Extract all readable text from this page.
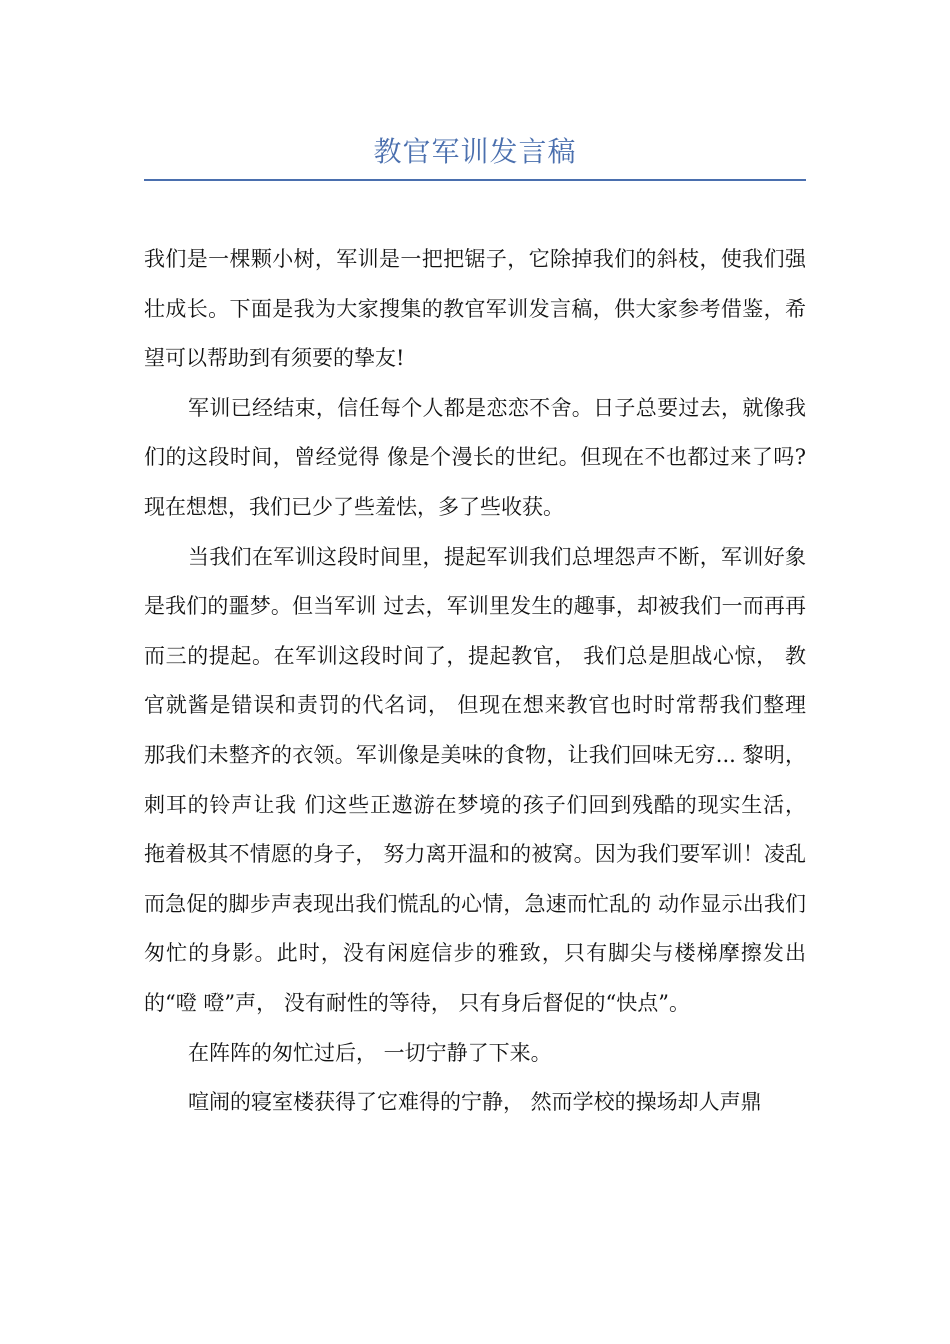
教官军训发言稿

我们是一棵颗小树，军训是一把把锯子，它除掉我们的斜枝，使我们强壮成长。下面是我为大家搜集的教官军训发言稿，供大家参考借鉴，希望可以帮助到有须要的挚友!

军训已经结束，信任每个人都是恋恋不舍。日子总要过去，就像我们的这段时间，曾经觉得 像是个漫长的世纪。但现在不也都过来了吗?现在想想，我们已少了些羞怯，多了些收获。

当我们在军训这段时间里，提起军训我们总埋怨声不断，军训好象是我们的噩梦。但当军训 过去，军训里发生的趣事，却被我们一而再再而三的提起。在军训这段时间了，提起教官， 我们总是胆战心惊， 教官就酱是错误和责罚的代名词， 但现在想来教官也时时常帮我们整理 那我们未整齐的衣领。军训像是美味的食物，让我们回味无穷... 黎明，刺耳的铃声让我 们这些正遨游在梦境的孩子们回到残酷的现实生活， 拖着极其不情愿的身子， 努力离开温和的被窝。因为我们要军训！凌乱而急促的脚步声表现出我们慌乱的心情，急速而忙乱的 动作显示出我们匆忙的身影。此时，没有闲庭信步的雅致，只有脚尖与楼梯摩擦发出的“噔 噔”声， 没有耐性的等待， 只有身后督促的“快点”。

在阵阵的匆忙过后， 一切宁静了下来。

喧闹的寝室楼获得了它难得的宁静， 然而学校的操场却人声鼎
